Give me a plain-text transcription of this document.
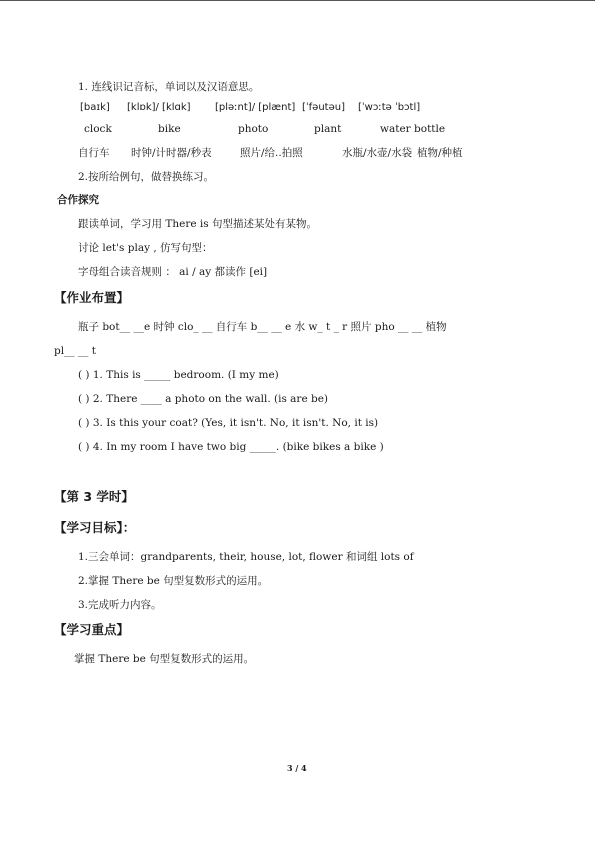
1. 连线识记音标，单词以及汉语意思。
[baɪk] [klɒk]/ [klɑk] [pləːnt]/ [plænt] [ˈfəutəu] [ˈwɔːtə ˈbɔtl]
clock	bike	photo	plant	water bottle
自行车 时钟/计时器/秒表	照片/给..拍照	水瓶/水壶/水袋 植物/种植
2.按所给例句，做替换练习。
合作探究
跟读单词，学习用 There is 句型描述某处有某物。
讨论 let's play , 仿写句型：
字母组合读音规则 ： ai / ay 都读作 [ei]
【作业布置】
瓶子 bot__ __e 时钟 clo_ __ 自行车 b__ __ e 水 w_ t _ r 照片 pho __ __ 植物
pl__ __ t
( ) 1. This is _____ bedroom. (I my me)
( ) 2. There ____ a photo on the wall. (is are be)
( ) 3. Is this your coat? (Yes, it isn't. No, it isn't. No, it is)
( ) 4. In my room I have two big _____. (bike bikes a bike )
【第 3 学时】
【学习目标】：
1.三会单词：grandparents, their, house, lot, flower 和词组 lots of
2.掌握 There be 句型复数形式的运用。
3.完成听力内容。
【学习重点】
掌握 There be 句型复数形式的运用。
3 / 4
